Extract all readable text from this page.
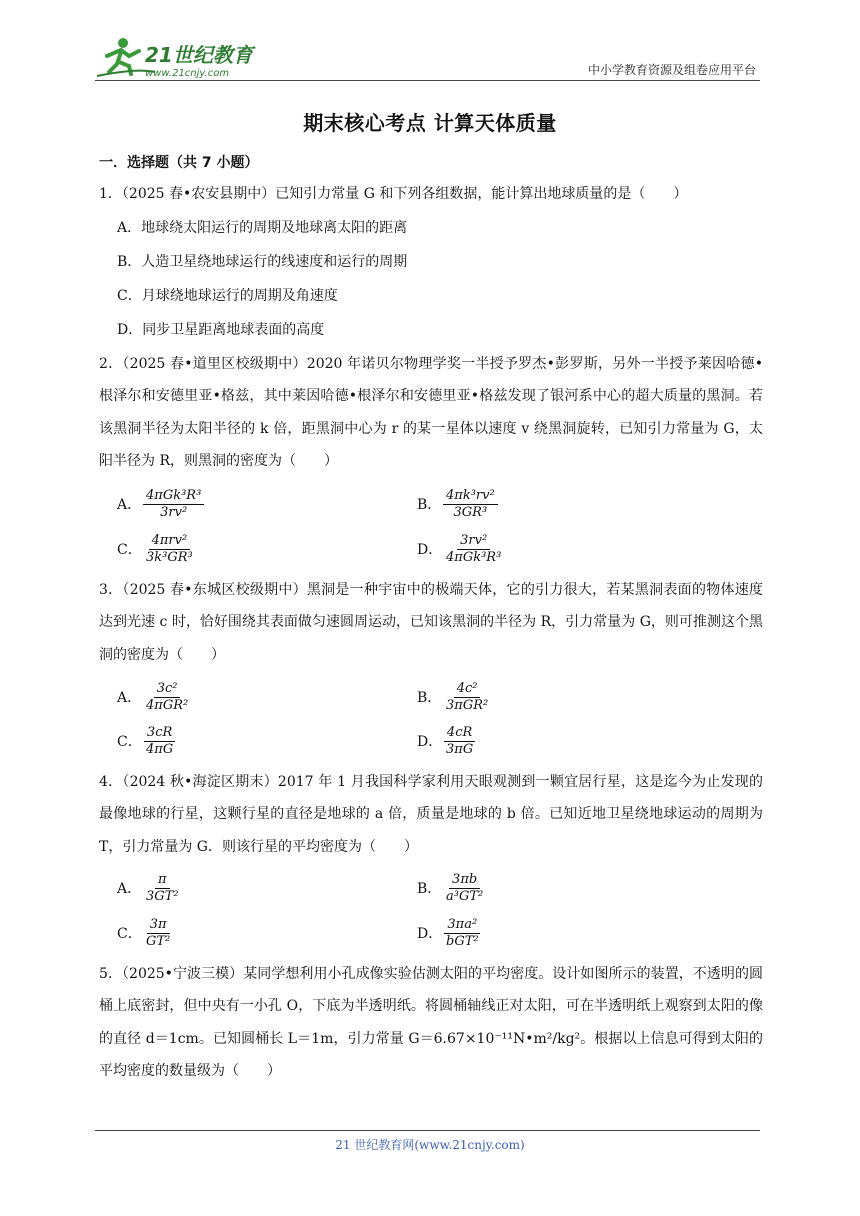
21世纪教育
www.21cnjy.com	中小学教育资源及组卷应用平台
期末核心考点 计算天体质量
一．选择题（共 7 小题）
1．（2025 春•农安县期中）已知引力常量 G 和下列各组数据，能计算出地球质量的是（　　）
A．地球绕太阳运行的周期及地球离太阳的距离
B．人造卫星绕地球运行的线速度和运行的周期
C．月球绕地球运行的周期及角速度
D．同步卫星距离地球表面的高度
2．（2025 春•道里区校级期中）2020 年诺贝尔物理学奖一半授予罗杰•彭罗斯，另外一半授予莱因哈德•根泽尔和安德里亚•格兹，其中莱因哈德•根泽尔和安德里亚•格兹发现了银河系中心的超大质量的黑洞。若该黑洞半径为太阳半径的 k 倍，距黑洞中心为 r 的某一星体以速度 v 绕黑洞旋转，已知引力常量为 G，太阳半径为 R，则黑洞的密度为（　　）
A． $\frac{\text{4πGk³R³}}{\text{3rv²}}$	B． $\frac{\text{4πk³rv²}}{\text{3GR³}}$
C． $\frac{\text{4πrv²}}{\text{3k³GR³}}$	D． $\frac{\text{3rv²}}{\text{4πGk³R³}}$
3．（2025 春•东城区校级期中）黑洞是一种宇宙中的极端天体，它的引力很大，若某黑洞表面的物体速度达到光速 c 时，恰好围绕其表面做匀速圆周运动，已知该黑洞的半径为 R，引力常量为 G，则可推测这个黑洞的密度为（　　）
A． $\frac{\text{3c²}}{\text{4πGR²}}$	B． $\frac{\text{4c²}}{\text{3πGR²}}$
C． $\frac{3cR}{4\pi G}$	D． $\frac{4cR}{3\pi G}$
4．（2024 秋•海淀区期末）2017 年 1 月我国科学家利用天眼观测到一颗宜居行星，这是迄今为止发现的最像地球的行星，这颗行星的直径是地球的 a 倍，质量是地球的 b 倍。已知近地卫星绕地球运动的周期为 T，引力常量为 G．则该行星的平均密度为（　　）
A． $\frac{\pi}{\text{3GT²}}$	B． $\frac{3\pi b}{\text{a³GT²}}$
C． $\frac{3\pi}{\text{GT²}}$	D． $\frac{\text{3πa²}}{\text{bGT²}}$
5．（2025•宁波三模）某同学想利用小孔成像实验估测太阳的平均密度。设计如图所示的装置，不透明的圆桶上底密封，但中央有一小孔 O，下底为半透明纸。将圆桶轴线正对太阳，可在半透明纸上观察到太阳的像的直径 d＝1cm。已知圆桶长 L＝1m，引力常量 G＝6.67×10⁻¹¹N•m²/kg²。根据以上信息可得到太阳的平均密度的数量级为（　　）
21 世纪教育网(www.21cnjy.com)
